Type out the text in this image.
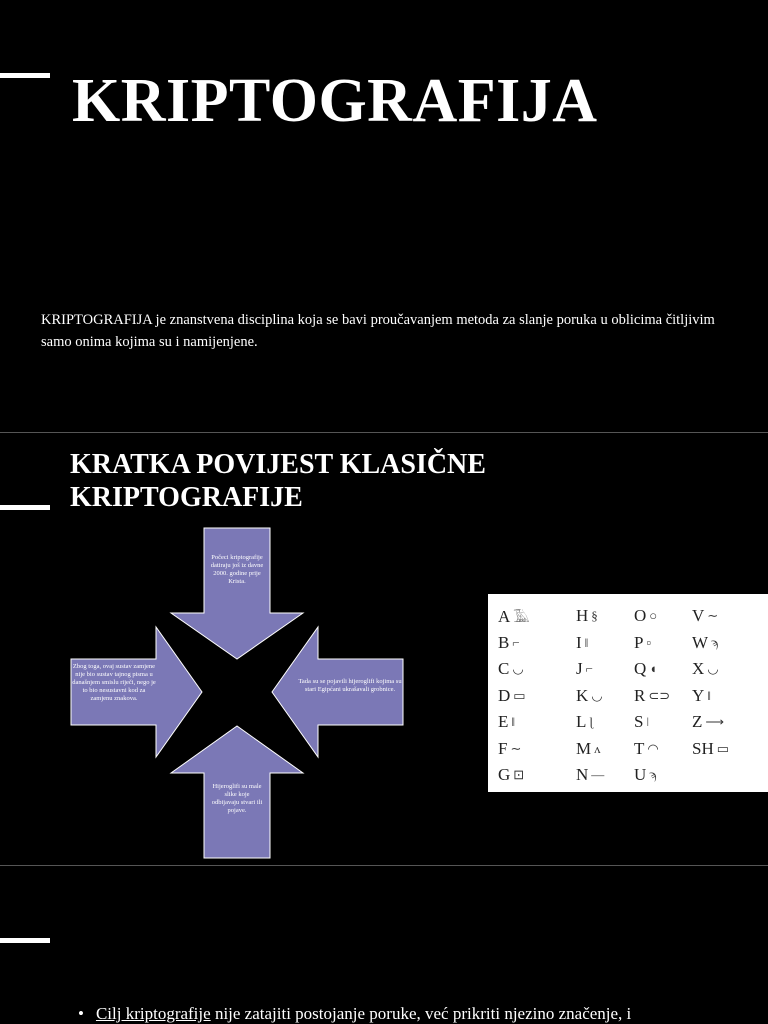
KRIPTOGRAFIJA

KRIPTOGRAFIJA je znanstvena disciplina koja se bavi proučavanjem metoda za slanje poruka u oblicima čitljivim samo onima kojima su i namijenjene.

KRATKA POVIJEST KLASIČNE
KRIPTOGRAFIJE
Počeci kriptografije datiraju još iz davne 2000. godine prije Krista.
Tada su se pojavili hijeroglifi kojima su stari Egipćani ukrašavali grobnice.
Hijeroglifi su male slike koje odbijavaju stvari ili pojave.
Zbog toga, ovaj sustav zamjene nije bio sustav tajnog pisma u današnjem smislu riječi, nego je to bio nesustavni kod za zamjenu znakova.
A 𓅀
B ⌐
C ◡
D ▭
E ǁ
F ∼
G ⊡
H §
I ǁ
J ⌐
K ◡
L ɭ
M ᴧ
N —
O ○
P ▫
Q ◖
R ⊂⊃
S ǀ
T ◠
U ϡ
V ∼
W ϡ
X ◡
Y ǁ
Z ⟶
SH ▭

• Cilj kriptografije nije zatajiti postojanje poruke, već prikriti njezino značenje, i
